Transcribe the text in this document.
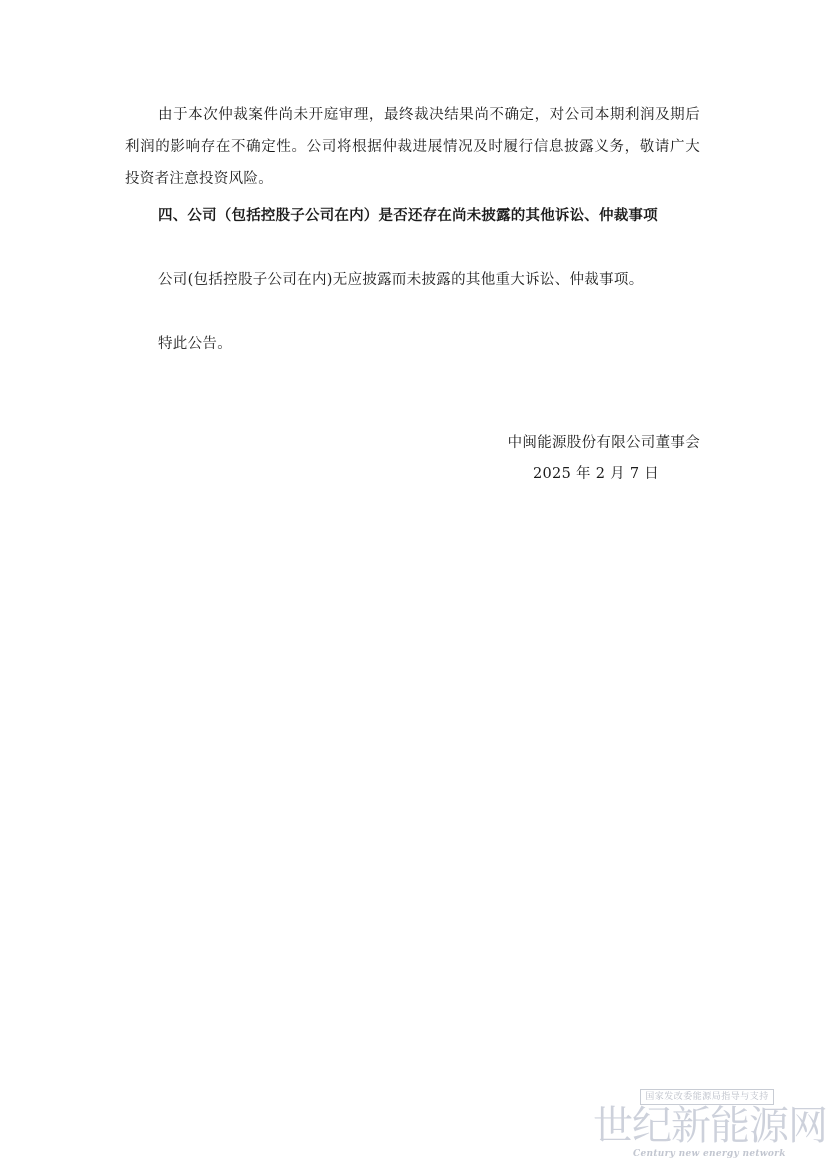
由于本次仲裁案件尚未开庭审理，最终裁决结果尚不确定，对公司本期利润及期后利润的影响存在不确定性。公司将根据仲裁进展情况及时履行信息披露义务，敬请广大投资者注意投资风险。

四、公司（包括控股子公司在内）是否还存在尚未披露的其他诉讼、仲裁事项

公司(包括控股子公司在内)无应披露而未披露的其他重大诉讼、仲裁事项。

特此公告。

中闽能源股份有限公司董事会

2025 年 2 月 7 日

国家发改委能源局指导与支持
世纪新能源网
Century new energy network
